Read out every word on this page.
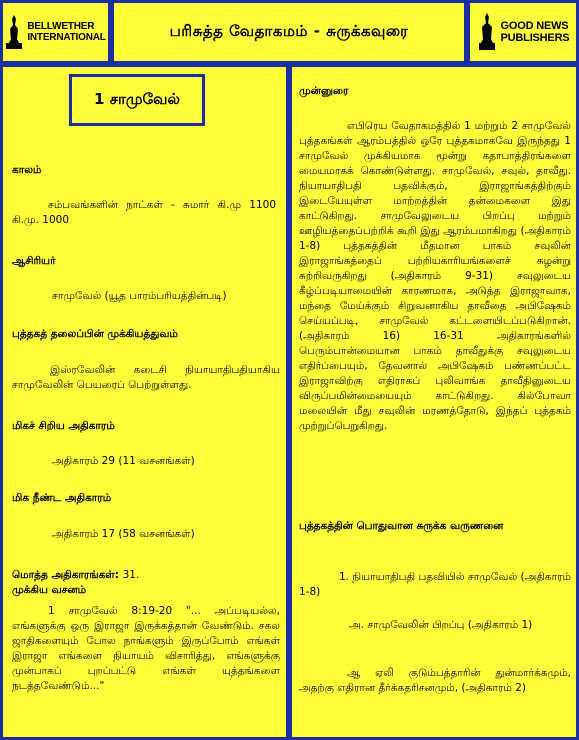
BELLWETHER
INTERNATIONAL	பரிசுத்த வேதாகமம் - சுருக்கவுரை	GOOD NEWS
PUBLISHERS
1 சாமுவேல்
காலம்
சம்பவங்களின் நாட்கள் - சுமார் கி.மு 1100 கி.மு. 1000
ஆசிரியர்
சாமுவேல் (யூத பாரம்பரியத்தின்படி)
புத்தகத் தலைப்பின் முக்கியத்துவம்
இஸ்ரவேலின் கடைசி நியாயாதிபதியாகிய சாமுவேலின் பெயரைப் பெற்றுள்ளது.
மிகச் சிறிய அதிகாரம்
அதிகாரம் 29 (11 வசனங்கள்)
மிக நீண்ட அதிகாரம்
அதிகாரம் 17 (58 வசனங்கள்)
மொத்த அதிகாரங்கள்: 31.
முக்கிய வசனம்
1 சாமுவேல் 8:19-20 "... அப்படியல்ல, எங்களுக்கு ஒரு இராஜா இருக்கத்தான் வேண்டும். சகல ஜாதிகளையும் போல நாங்களும் இருப்போம் எங்கள் இராஜா எங்களை நியாயம் விசாரித்து, எங்களுக்கு முன்பாகப் புறப்பட்டு எங்கள் யுத்தங்களை நடத்தவேண்டும்..."
முன்னுரை
எபிரெய வேதாகமத்தில் 1 மற்றும் 2 சாமுவேல் புத்தகங்கள் ஆரம்பத்தில் ஒரே புத்தகமாகவே இருந்தது 1 சாமுவேல் முக்கியமாக மூன்று கதாபாத்திரங்களை மையமாகக் கொண்டுள்ளது. சாமுவேல், சவுல், தாவீது. நியாயாதிபதி பதவிக்கும், இராஜாங்கத்திற்கும் இடையேயுள்ள மாற்றத்தின் தன்மைகளை இது காட்டுகிறது. சாமுவேலுடைய பிறப்பு மற்றும் ஊழியத்தைப்பற்றிக் கூறி இது ஆரம்பமாகிறது (அதிகாரம் 1-8) புத்தகத்தின் மீதமான பாகம் சவுலின் இராஜாங்கத்தைப் பற்றியகாரியங்களைச் சுழன்று சுற்றிவருகிறது (அதிகாரம் 9-31) சவுலுடைய கீழ்ப்படியாமையின் காரணமாக, அடுத்த இராஜாவாக, மந்தை மேய்க்கும் சிறுவனாகிய தாவீதை அபிஷேகம் செய்யப்படி, சாமுவேல் கட்டளையிடப்படுகிறான். (அதிகாரம் 16) 16-31 அதிகாரங்களில் பெரும்பான்மையான பாகம் தாவீதுக்கு சவுலுடைய எதிர்ப்பையும், தேவனால் அபிஷேகம் பண்ணப்பட்ட இராஜாவிற்கு எதிராகப் புலிவாங்க தாவீதினுடைய விருப்பமின்மையையும் காட்டுகிறது. கில்போவா மலையின் மீது சவுலின் மரணத்தோடு, இந்தப் புத்தகம் முற்றுப்பெறுகிறது.
புத்தகத்தின் பொதுவான சுருக்க வருணனை
1. நியாயாதிபதி பதவியில் சாமுவேல் (அதிகாரம் 1-8)
அ. சாமுவேலின் பிறப்பு (அதிகாரம் 1)
ஆ ஏலி குடும்பத்தாரின் துன்மார்க்கமும், அதற்கு எதிரான தீர்க்கதரிசனமும், (அதிகாரம் 2)
